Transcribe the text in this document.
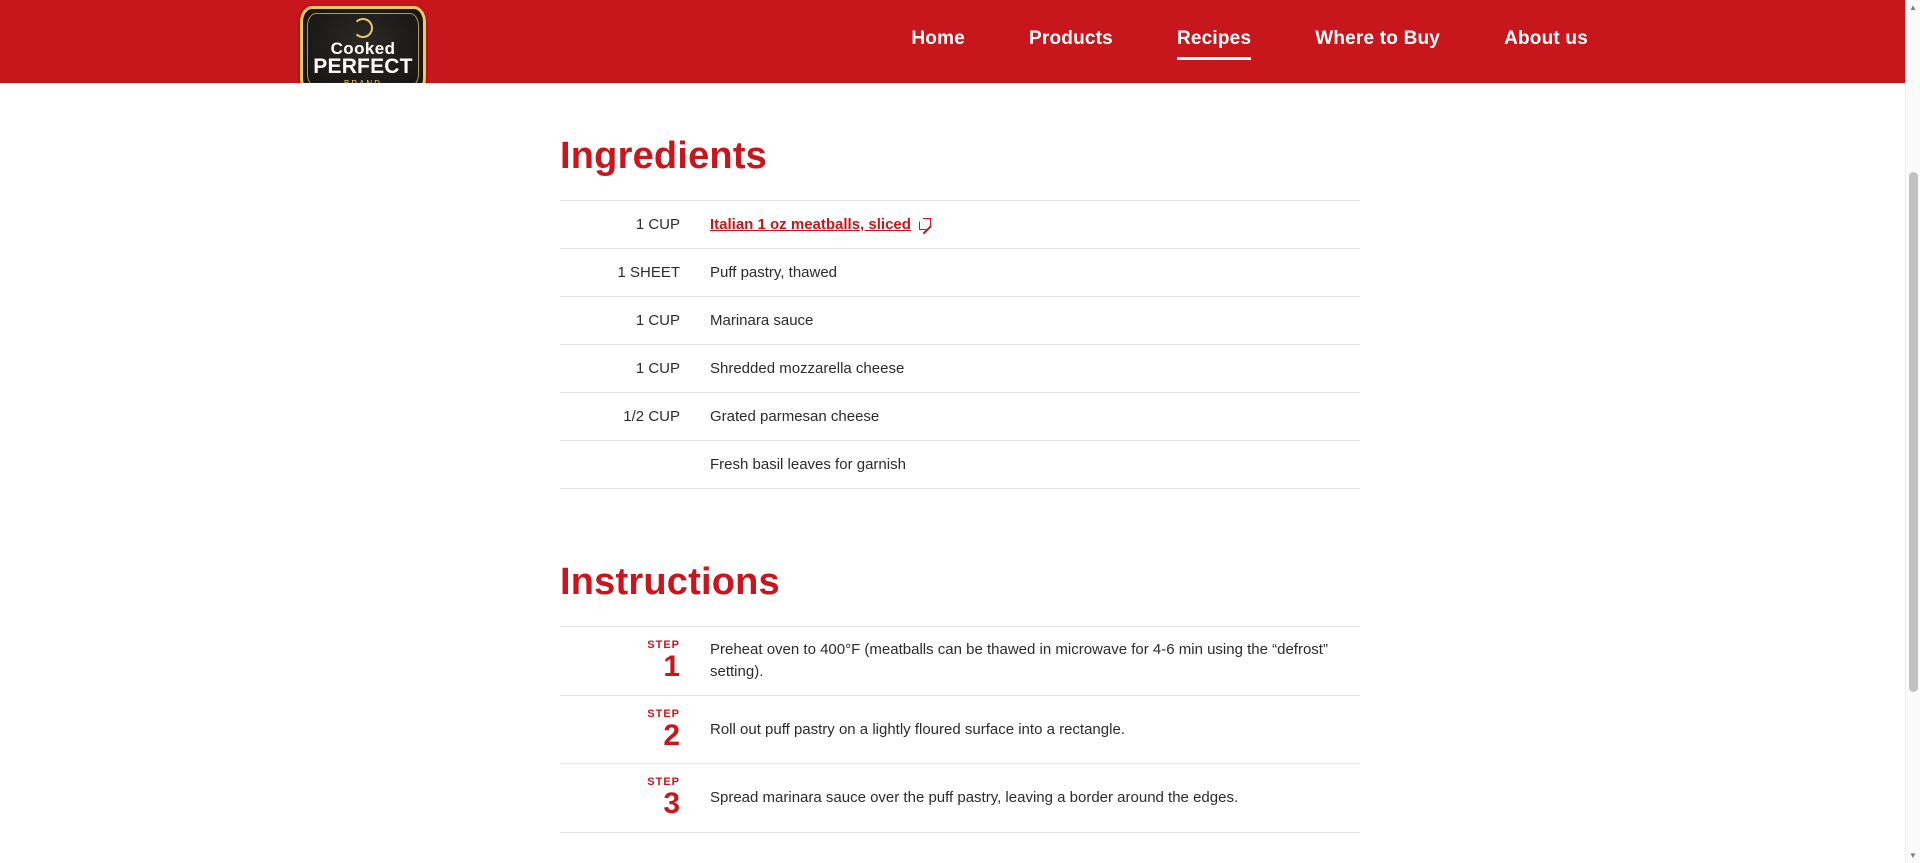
Cooked
PERFECT
Home	Products	Recipes	Where to Buy	About us
Ingredients
1 CUP	Italian 1 oz meatballs, sliced

1 SHEET	Puff pastry, thawed
1 CUP	Marinara sauce
1 CUP	Shredded mozzarella cheese
1/2 CUP	Grated parmesan cheese
	Fresh basil leaves for garnish
Instructions
STEP
1	Preheat oven to 400°F (meatballs can be thawed in microwave for 4-6 min using the “defrost” setting).

STEP
2	Roll out puff pastry on a lightly floured surface into a rectangle.

STEP
3	Spread marinara sauce over the puff pastry, leaving a border around the edges.
▲
▼
